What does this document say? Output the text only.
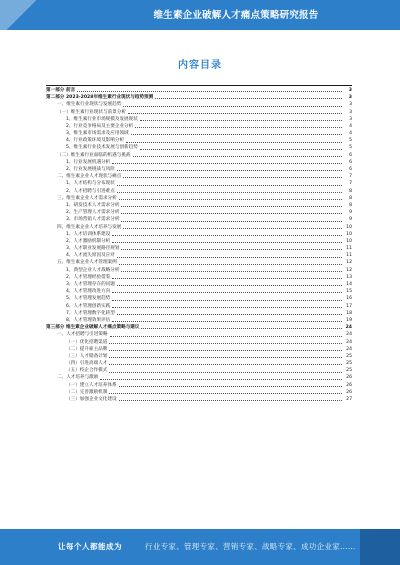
维生素企业破解人才痛点策略研究报告
内容目录
第一部分 前言	3
第二部分 2023-2028年维生素行业现状与趋势预测	3
一、维生素行业现状与发展趋势	3
（一）维生素行业现状与前景分析	3
1、维生素行业市场规模及发展现状	3
2、行业竞争格局及主要企业分析	4
3、维生素市场需求及应用领域	4
4、行业政策环境及影响分析	5
5、维生素行业技术发展与创新趋势	5
（二）维生素行业面临的机遇与挑战	6
1、行业发展机遇分析	6
2、行业发展挑战与风险	6
二、维生素企业人才现状与痛点	7
1、人才结构与分布现状	7
2、人才招聘与引进难点	8
三、维生素企业人才需求分析	8
1、研发技术人才需求分析	8
2、生产管理人才需求分析	9
3、市场营销人才需求分析	9
四、维生素企业人才培养与发展	10
1、人才培训体系建设	10
2、人才激励机制分析	10
3、人才职业发展路径规划	11
4、人才流失原因及应对	11
五、维生素企业人才管理案例	12
1、典型企业人才战略分析	12
2、人才管理经验借鉴	13
3、人才管理存在的问题	14
4、人才管理改进方向	15
5、人才管理发展趋势	16
6、人才管理创新实践	17
7、人才管理数字化转型	18
8、人才管理效果评估	19
第三部分 维生素企业破解人才痛点策略与建议	24
一、人才招聘与引进策略	24
（一）优化招聘渠道	24
（二）提升雇主品牌	24
（三）人才储备计划	25
（四）引进高端人才	25
（五）校企合作模式	25
二、人才培养与激励	26
（一）建立人才培养体系	26
（二）完善激励机制	26
（三）加强企业文化建设	27
让每个人都能成为	行业专家、管理专家、营销专家、战略专家、成功企业家……
